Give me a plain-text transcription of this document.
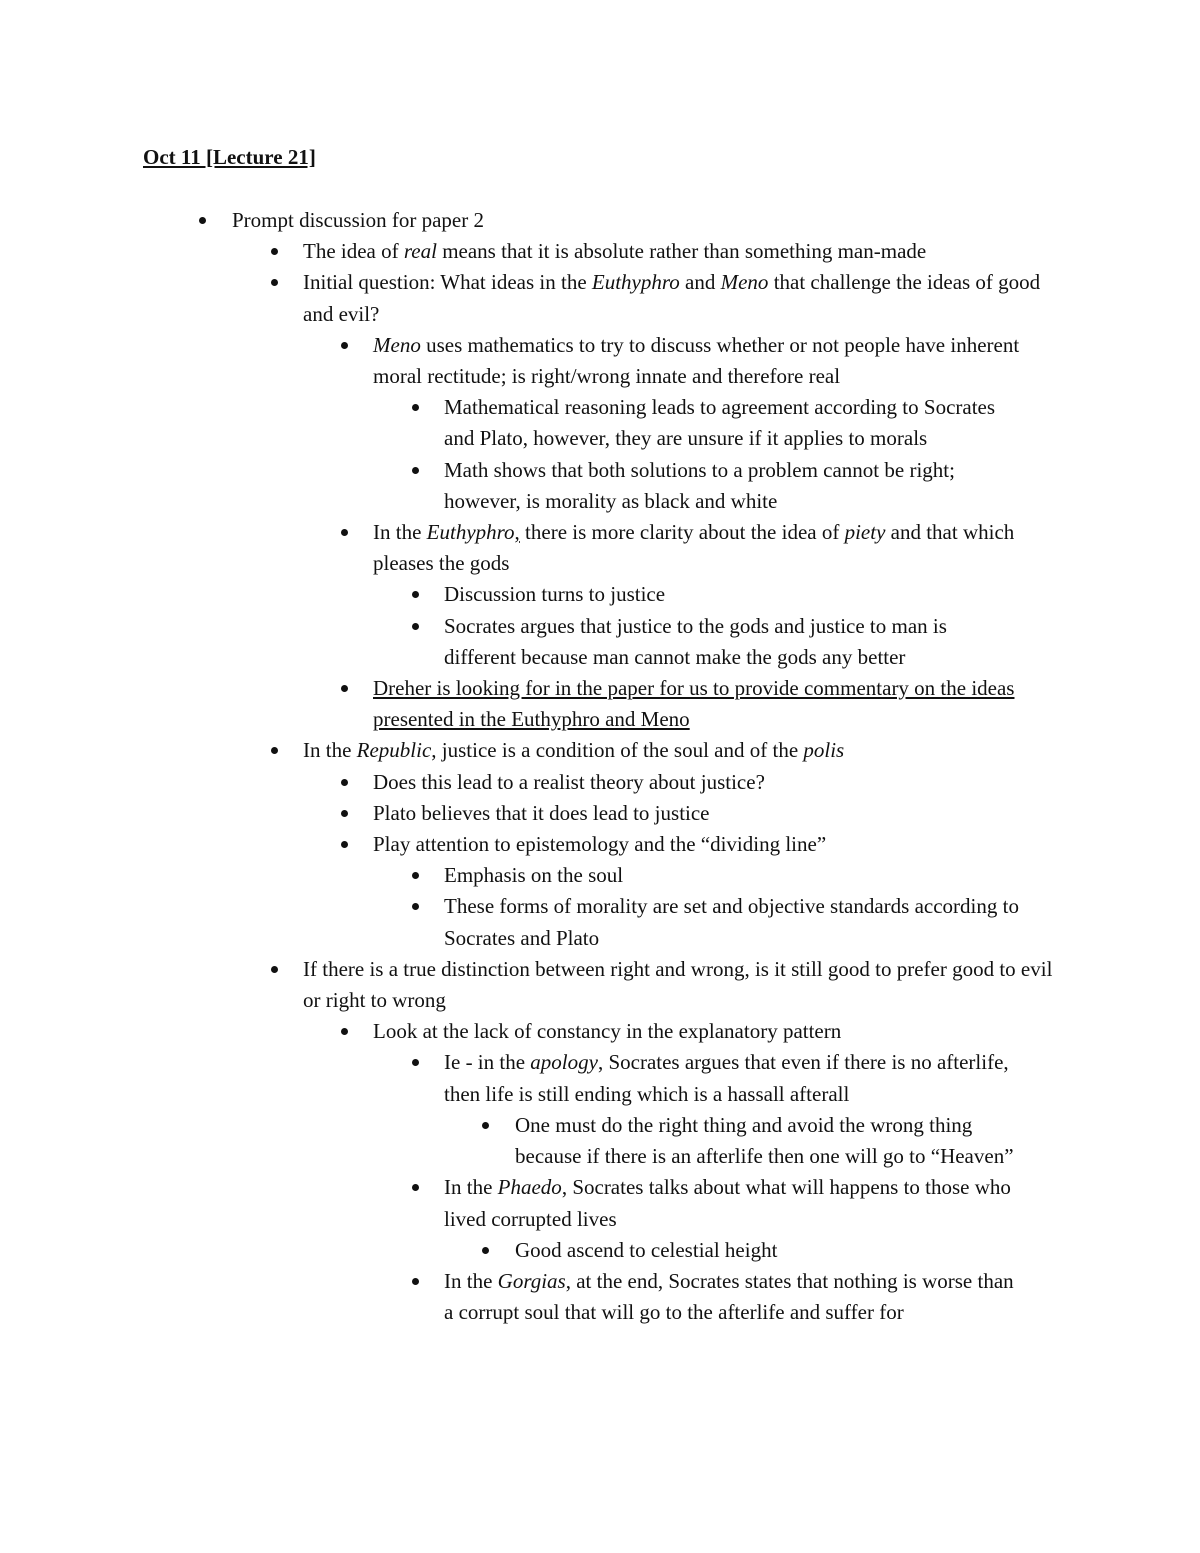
Oct 11 [Lecture 21]

Prompt discussion for paper 2

The idea of real means that it is absolute rather than something man-made

Initial question: What ideas in the Euthyphro and Meno that challenge the ideas of good and evil?

Meno uses mathematics to try to discuss whether or not people have inherent moral rectitude; is right/wrong innate and therefore real

Mathematical reasoning leads to agreement according to Socrates and Plato, however, they are unsure if it applies to morals

Math shows that both solutions to a problem cannot be right; however, is morality as black and white

In the Euthyphro, there is more clarity about the idea of piety and that which pleases the gods

Discussion turns to justice

Socrates argues that justice to the gods and justice to man is different because man cannot make the gods any better

Dreher is looking for in the paper for us to provide commentary on the ideas presented in the Euthyphro and Meno

In the Republic, justice is a condition of the soul and of the polis

Does this lead to a realist theory about justice?

Plato believes that it does lead to justice

Play attention to epistemology and the “dividing line”

Emphasis on the soul

These forms of morality are set and objective standards according to Socrates and Plato

If there is a true distinction between right and wrong, is it still good to prefer good to evil or right to wrong

Look at the lack of constancy in the explanatory pattern

Ie - in the apology, Socrates argues that even if there is no afterlife, then life is still ending which is a hassall afterall

One must do the right thing and avoid the wrong thing because if there is an afterlife then one will go to “Heaven”

In the Phaedo, Socrates talks about what will happens to those who lived corrupted lives

Good ascend to celestial height

In the Gorgias, at the end, Socrates states that nothing is worse than a corrupt soul that will go to the afterlife and suffer for
